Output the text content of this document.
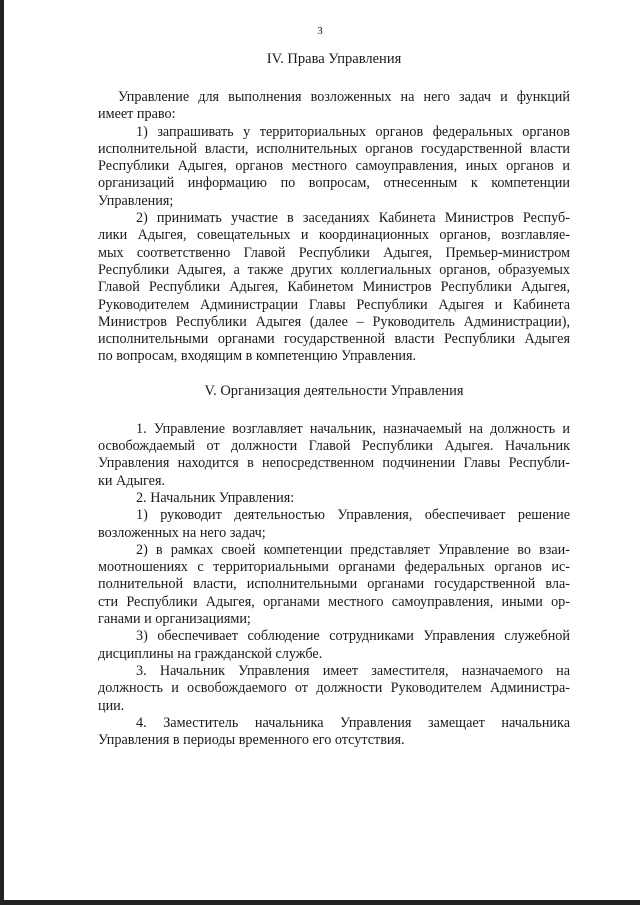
3
IV. Права Управления
Управление для выполнения возложенных на него задач и функций
имеет право:
1) запрашивать у территориальных органов федеральных органов
исполнительной власти, исполнительных органов государственной власти
Республики Адыгея, органов местного самоуправления, иных органов и
организаций информацию по вопросам, отнесенным к компетенции
Управления;
2) принимать участие в заседаниях Кабинета Министров Респуб-
лики Адыгея, совещательных и координационных органов, возглавляе-
мых соответственно Главой Республики Адыгея, Премьер-министром
Республики Адыгея, а также других коллегиальных органов, образуемых
Главой Республики Адыгея, Кабинетом Министров Республики Адыгея,
Руководителем Администрации Главы Республики Адыгея и Кабинета
Министров Республики Адыгея (далее – Руководитель Администрации),
исполнительными органами государственной власти Республики Адыгея
по вопросам, входящим в компетенцию Управления.
V. Организация деятельности Управления
1. Управление возглавляет начальник, назначаемый на должность и
освобождаемый от должности Главой Республики Адыгея. Начальник
Управления находится в непосредственном подчинении Главы Республи-
ки Адыгея.
2. Начальник Управления:
1) руководит деятельностью Управления, обеспечивает решение
возложенных на него задач;
2) в рамках своей компетенции представляет Управление во взаи-
моотношениях с территориальными органами федеральных органов ис-
полнительной власти, исполнительными органами государственной вла-
сти Республики Адыгея, органами местного самоуправления, иными ор-
ганами и организациями;
3) обеспечивает соблюдение сотрудниками Управления служебной
дисциплины на гражданской службе.
3. Начальник Управления имеет заместителя, назначаемого на
должность и освобождаемого от должности Руководителем Администра-
ции.
4. Заместитель начальника Управления замещает начальника
Управления в периоды временного его отсутствия.
